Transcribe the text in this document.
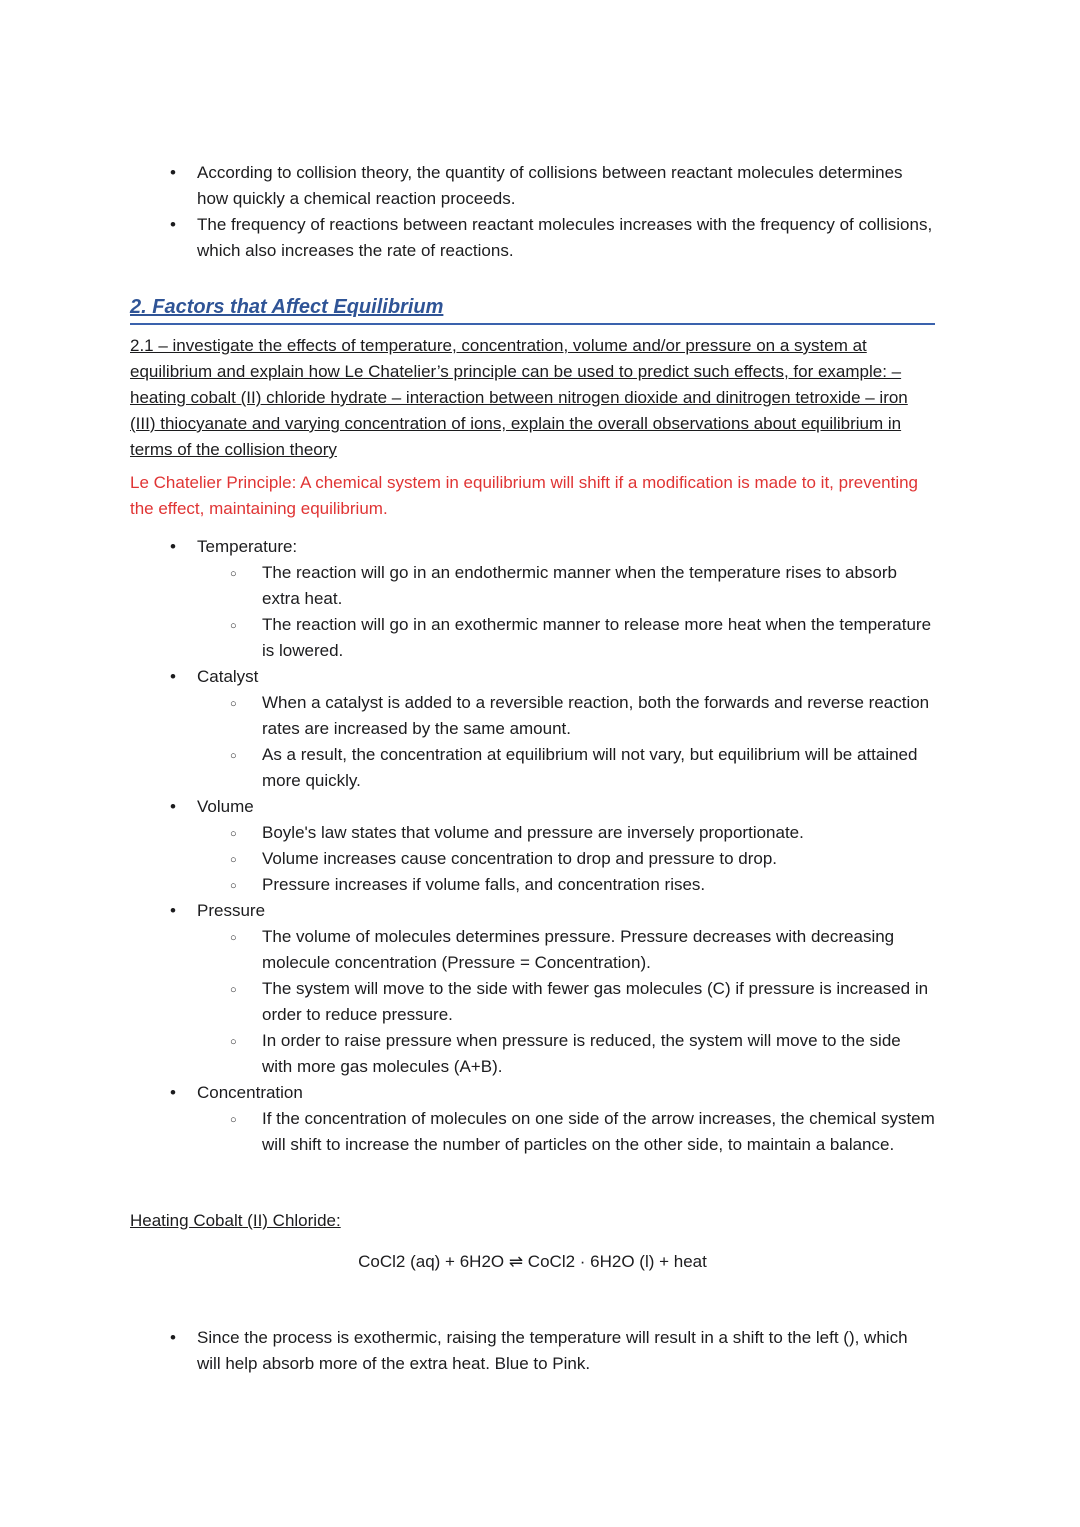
• According to collision theory, the quantity of collisions between reactant molecules determines how quickly a chemical reaction proceeds.
• The frequency of reactions between reactant molecules increases with the frequency of collisions, which also increases the rate of reactions.
2. Factors that Affect Equilibrium

2.1 – investigate the effects of temperature, concentration, volume and/or pressure on a system at equilibrium and explain how Le Chatelier’s principle can be used to predict such effects, for example: – heating cobalt (II) chloride hydrate – interaction between nitrogen dioxide and dinitrogen tetroxide – iron (III) thiocyanate and varying concentration of ions, explain the overall observations about equilibrium in terms of the collision theory

Le Chatelier Principle: A chemical system in equilibrium will shift if a modification is made to it, preventing the effect, maintaining equilibrium.

• Temperature:
○ The reaction will go in an endothermic manner when the temperature rises to absorb extra heat.
○ The reaction will go in an exothermic manner to release more heat when the temperature is lowered.
• Catalyst
○ When a catalyst is added to a reversible reaction, both the forwards and reverse reaction rates are increased by the same amount.
○ As a result, the concentration at equilibrium will not vary, but equilibrium will be attained more quickly.
• Volume
○ Boyle's law states that volume and pressure are inversely proportionate.
○ Volume increases cause concentration to drop and pressure to drop.
○ Pressure increases if volume falls, and concentration rises.
• Pressure
○ The volume of molecules determines pressure. Pressure decreases with decreasing molecule concentration (Pressure = Concentration).
○ The system will move to the side with fewer gas molecules (C) if pressure is increased in order to reduce pressure.
○ In order to raise pressure when pressure is reduced, the system will move to the side with more gas molecules (A+B).
• Concentration
○ If the concentration of molecules on one side of the arrow increases, the chemical system will shift to increase the number of particles on the other side, to maintain a balance.

Heating Cobalt (II) Chloride:

CoCl2 (aq) + 6H2O ⇌ CoCl2 · 6H2O (l) + heat

• Since the process is exothermic, raising the temperature will result in a shift to the left (), which will help absorb more of the extra heat. Blue to Pink.
